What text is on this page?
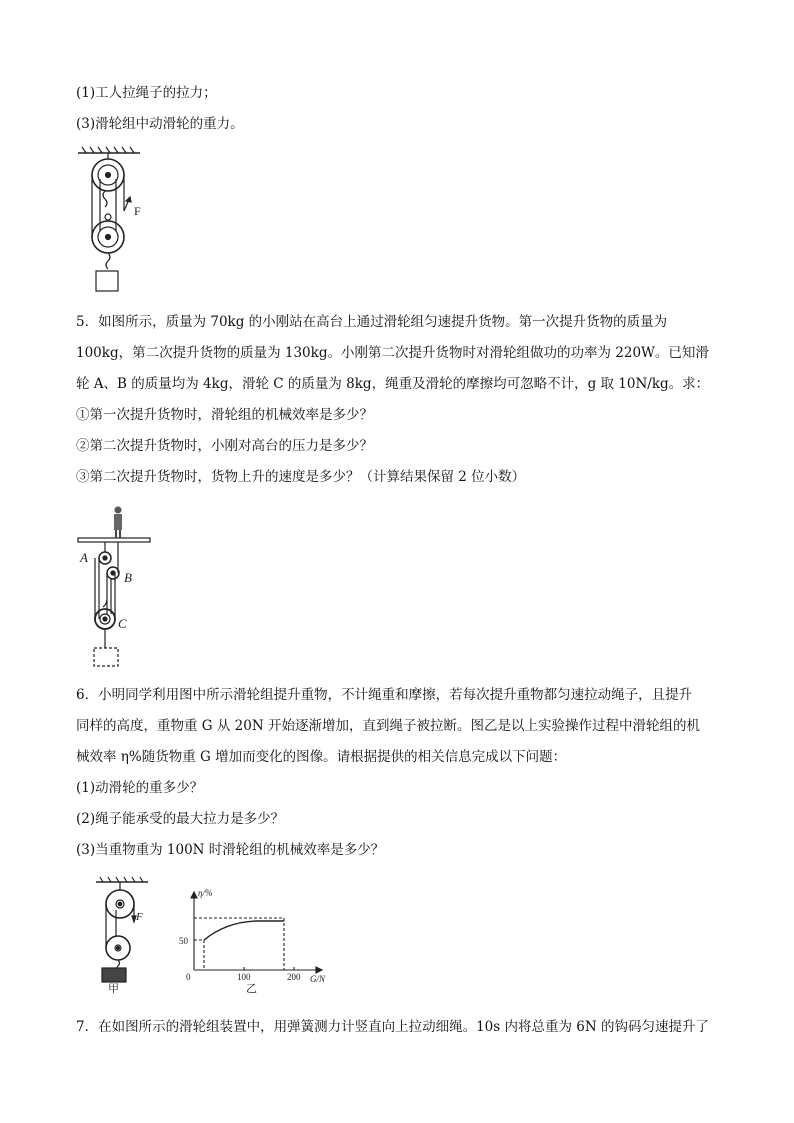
(1)工人拉绳子的拉力；
(3)滑轮组中动滑轮的重力。
F
5．如图所示，质量为 70kg 的小刚站在高台上通过滑轮组匀速提升货物。第一次提升货物的质量为
100kg，第二次提升货物的质量为 130kg。小刚第二次提升货物时对滑轮组做功的功率为 220W。已知滑
轮 A、B 的质量均为 4kg，滑轮 C 的质量为 8kg，绳重及滑轮的摩擦均可忽略不计，g 取 10N/kg。求：
①第一次提升货物时，滑轮组的机械效率是多少？
②第二次提升货物时，小刚对高台的压力是多少？
③第二次提升货物时，货物上升的速度是多少？（计算结果保留 2 位小数）
A
B
C
6．小明同学利用图中所示滑轮组提升重物，不计绳重和摩擦，若每次提升重物都匀速拉动绳子，且提升
同样的高度，重物重 G 从 20N 开始逐渐增加，直到绳子被拉断。图乙是以上实验操作过程中滑轮组的机
械效率 η%随货物重 G 增加而变化的图像。请根据提供的相关信息完成以下问题：
(1)动滑轮的重多少？
(2)绳子能承受的最大拉力是多少？
(3)当重物重为 100N 时滑轮组的机械效率是多少？
F
甲
η/%
G/N
50
0	100	200
乙
7．在如图所示的滑轮组装置中，用弹簧测力计竖直向上拉动细绳。10s 内将总重为 6N 的钩码匀速提升了
